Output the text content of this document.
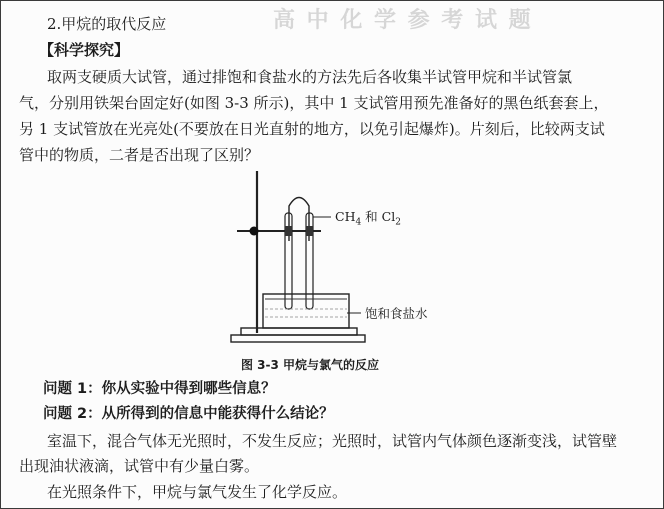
高 中 化 学 参 考 试 题
2.甲烷的取代反应
【科学探究】
取两支硬质大试管，通过排饱和食盐水的方法先后各收集半试管甲烷和半试管氯
气，分别用铁架台固定好(如图 3-3 所示)，其中 1 支试管用预先准备好的黑色纸套套上，
另 1 支试管放在光亮处(不要放在日光直射的地方，以免引起爆炸)。片刻后，比较两支试
管中的物质，二者是否出现了区别？
$CH_4$ 和 $Cl_2$
饱和食盐水
图 3-3 甲烷与氯气的反应
问题 1：你从实验中得到哪些信息？
问题 2：从所得到的信息中能获得什么结论？
室温下，混合气体无光照时，不发生反应；光照时，试管内气体颜色逐渐变浅，试管壁
出现油状液滴，试管中有少量白雾。
在光照条件下，甲烷与氯气发生了化学反应。
